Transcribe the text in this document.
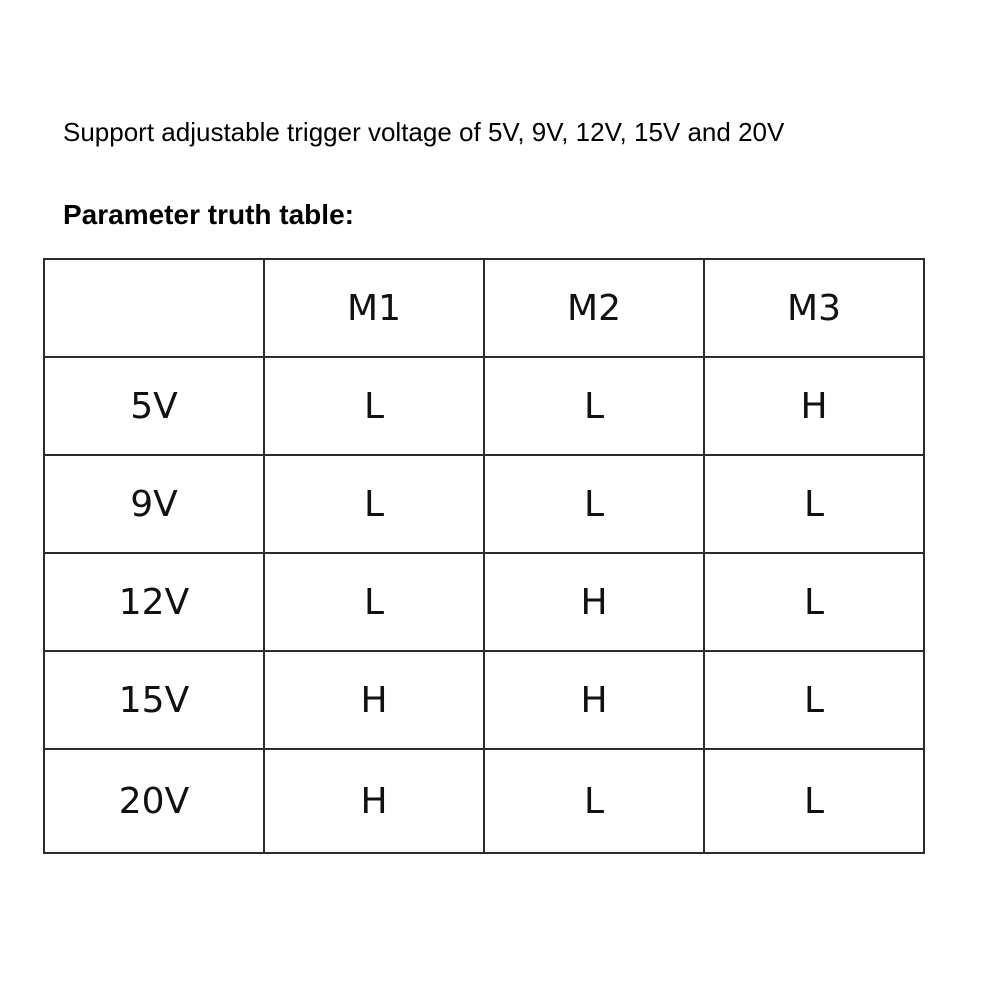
Support adjustable trigger voltage of 5V, 9V, 12V, 15V and 20V
Parameter truth table:
	M1	M2	M3
5V	L	L	H
9V	L	L	L
12V	L	H	L
15V	H	H	L
20V	H	L	L
